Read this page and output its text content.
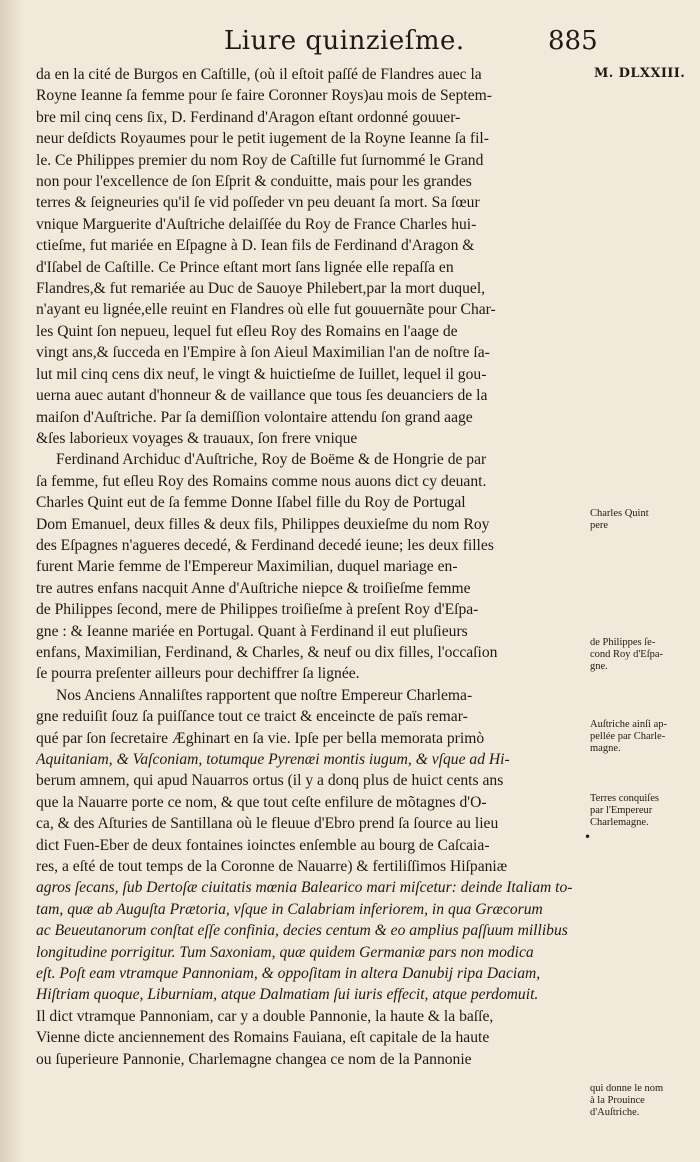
Liure quinzieſme.	885
M. DLXXIII.
da en la cité de Burgos en Caſtille, (où il eſtoit paſſé de Flandres auec la
Royne Ieanne ſa femme pour ſe faire Coronner Roys)au mois de Septem-
bre mil cinq cens ſix, D. Ferdinand d'Aragon eſtant ordonné gouuer-
neur deſdicts Royaumes pour le petit iugement de la Royne Ieanne ſa fil-
le. Ce Philippes premier du nom Roy de Caſtille fut ſurnommé le Grand
non pour l'excellence de ſon Eſprit & conduitte, mais pour les grandes
terres & ſeigneuries qu'il ſe vid poſſeder vn peu deuant ſa mort. Sa ſœur
vnique Marguerite d'Auſtriche delaiſſée du Roy de France Charles hui-
ctieſme, fut mariée en Eſpagne à D. Iean fils de Ferdinand d'Aragon &
d'Iſabel de Caſtille. Ce Prince eſtant mort ſans lignée elle repaſſa en
Flandres,& fut remariée au Duc de Sauoye Philebert,par la mort duquel,
n'ayant eu lignée,elle reuint en Flandres où elle fut gouuernãte pour Char-
les Quint ſon nepueu, lequel fut eſleu Roy des Romains en l'aage de
vingt ans,& ſucceda en l'Empire à ſon Aieul Maximilian l'an de noſtre ſa-
lut mil cinq cens dix neuf, le vingt & huictieſme de Iuillet, lequel il gou-
uerna auec autant d'honneur & de vaillance que tous ſes deuanciers de la
maiſon d'Auſtriche. Par ſa demiſſion volontaire attendu ſon grand aage
&ſes laborieux voyages & trauaux, ſon frere vnique
Ferdinand Archiduc d'Auſtriche, Roy de Boëme & de Hongrie de par
ſa femme, fut eſleu Roy des Romains comme nous auons dict cy deuant.
Charles Quint eut de ſa femme Donne Iſabel fille du Roy de Portugal
Dom Emanuel, deux filles & deux fils, Philippes deuxieſme du nom Roy
des Eſpagnes n'agueres decedé, & Ferdinand decedé ieune; les deux filles
furent Marie femme de l'Empereur Maximilian, duquel mariage en-
tre autres enfans nacquit Anne d'Auſtriche niepce & troiſieſme femme
de Philippes ſecond, mere de Philippes troiſieſme à preſent Roy d'Eſpa-
gne : & Ieanne mariée en Portugal. Quant à Ferdinand il eut pluſieurs
enfans, Maximilian, Ferdinand, & Charles, & neuf ou dix filles, l'occaſion
ſe pourra preſenter ailleurs pour dechiffrer ſa lignée.
Nos Anciens Annaliſtes rapportent que noſtre Empereur Charlema-
gne reduiſit ſouz ſa puiſſance tout ce traict & enceincte de païs remar-
qué par ſon ſecretaire Æghinart en ſa vie. Ipſe per bella memorata primò
Aquitaniam, & Vaſconiam, totumque Pyrenæi montis iugum, & vſque ad Hi-
berum amnem, qui apud Nauarros ortus (il y a donq plus de huict cents ans
que la Nauarre porte ce nom, & que tout ceſte enfilure de mõtagnes d'O-
ca, & des Aſturies de Santillana où le fleuue d'Ebro prend ſa ſource au lieu
dict Fuen-Eber de deux fontaines ioinctes enſemble au bourg de Caſcaia-
res, a eſté de tout temps de la Coronne de Nauarre) & fertiliſſimos Hiſpaniæ
agros ſecans, ſub Dertoſæ ciuitatis mœnia Balearico mari miſcetur: deinde Italiam to-
tam, quæ ab Auguſta Prætoria, vſque in Calabriam inferiorem, in qua Græcorum
ac Beueutanorum conſtat eſſe confinia, decies centum & eo amplius paſſuum millibus
longitudine porrigitur. Tum Saxoniam, quæ quidem Germaniæ pars non modica
eſt. Poſt eam vtramque Pannoniam, & oppoſitam in altera Danubij ripa Daciam,
Hiſtriam quoque, Liburniam, atque Dalmatiam ſui iuris effecit, atque perdomuit.
Il dict vtramque Pannoniam, car y a double Pannonie, la haute & la baſſe,
Vienne dicte anciennement des Romains Fauiana, eſt capitale de la haute
ou ſuperieure Pannonie, Charlemagne changea ce nom de la Pannonie
Charles Quint
pere
de Philippes ſe-
cond Roy d'Eſpa-
gne.
Auſtriche ainſi ap-
pellée par Charle-
magne.
Terres conquiſes
par l'Empereur
Charlemagne.
qui donne le nom
à la Prouince
d'Auſtriche.
•
